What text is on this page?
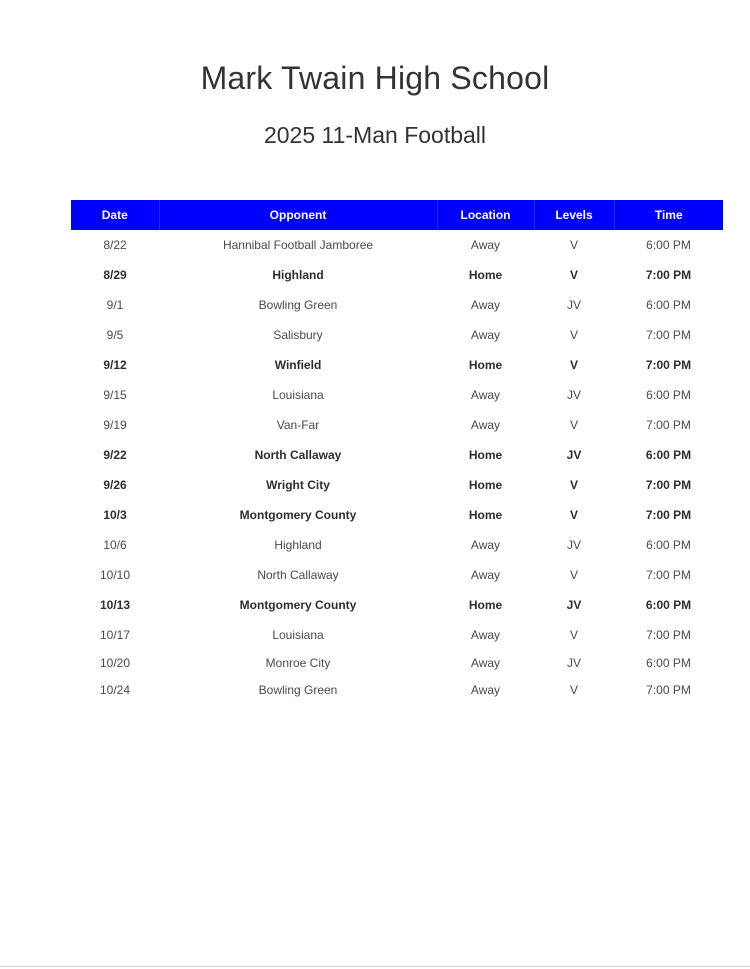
Mark Twain High School
2025 11-Man Football
Date	Opponent	Location	Levels	Time
8/22	Hannibal Football Jamboree	Away	V	6:00 PM
8/29	Highland	Home	V	7:00 PM
9/1	Bowling Green	Away	JV	6:00 PM
9/5	Salisbury	Away	V	7:00 PM
9/12	Winfield	Home	V	7:00 PM
9/15	Louisiana	Away	JV	6:00 PM
9/19	Van-Far	Away	V	7:00 PM
9/22	North Callaway	Home	JV	6:00 PM
9/26	Wright City	Home	V	7:00 PM
10/3	Montgomery County	Home	V	7:00 PM
10/6	Highland	Away	JV	6:00 PM
10/10	North Callaway	Away	V	7:00 PM
10/13	Montgomery County	Home	JV	6:00 PM
10/17	Louisiana	Away	V	7:00 PM
10/20	Monroe City	Away	JV	6:00 PM
10/24	Bowling Green	Away	V	7:00 PM
